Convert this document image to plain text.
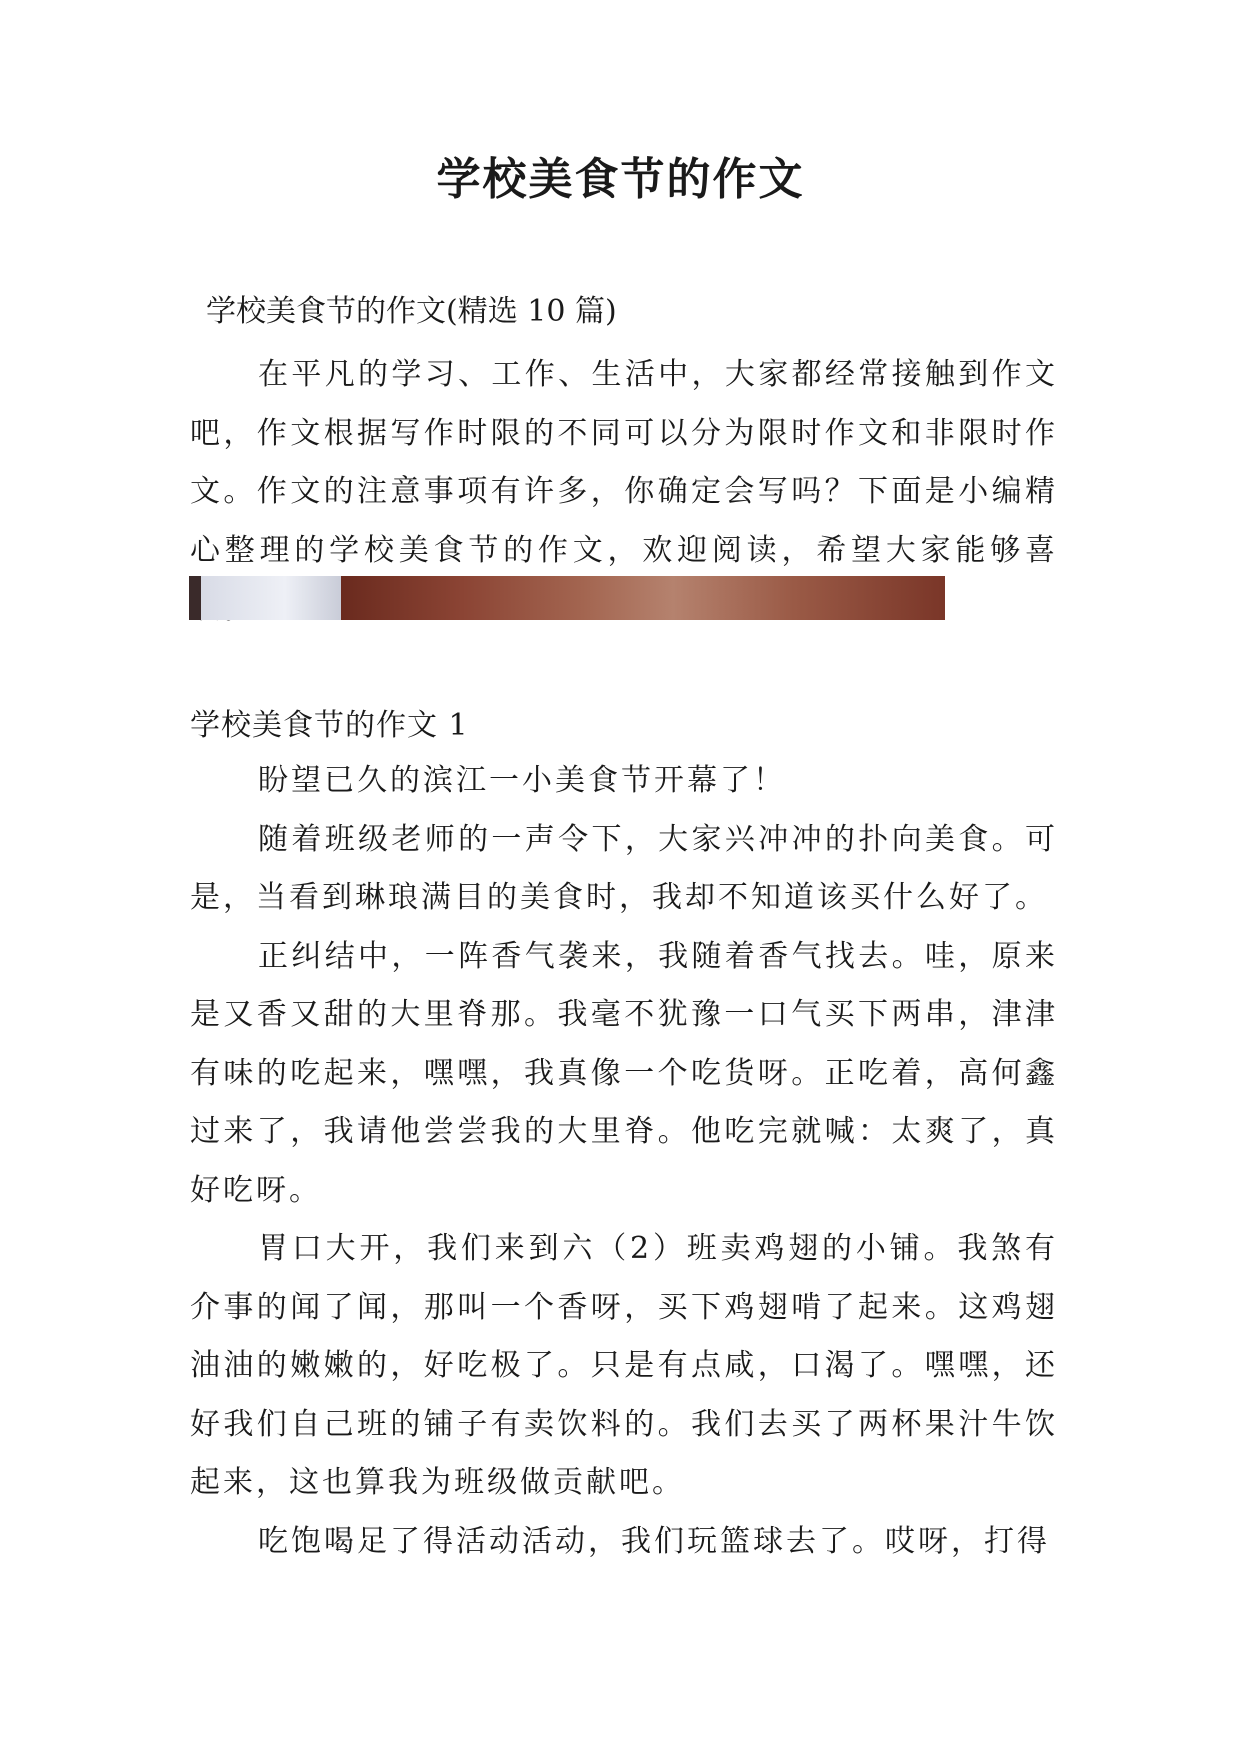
学校美食节的作文

学校美食节的作文(精选 10 篇)

在平凡的学习、工作、生活中，大家都经常接触到作文吧，作文根据写作时限的不同可以分为限时作文和非限时作文。作文的注意事项有许多，你确定会写吗？下面是小编精心整理的学校美食节的作文，欢迎阅读，希望大家能够喜

学校美食节的作文 1

盼望已久的滨江一小美食节开幕了！

随着班级老师的一声令下，大家兴冲冲的扑向美食。可是，当看到琳琅满目的美食时，我却不知道该买什么好了。

正纠结中，一阵香气袭来，我随着香气找去。哇，原来是又香又甜的大里脊那。我毫不犹豫一口气买下两串，津津有味的吃起来，嘿嘿，我真像一个吃货呀。正吃着，高何鑫过来了，我请他尝尝我的大里脊。他吃完就喊：太爽了，真好吃呀。

胃口大开，我们来到六（2）班卖鸡翅的小铺。我煞有介事的闻了闻，那叫一个香呀，买下鸡翅啃了起来。这鸡翅油油的嫩嫩的，好吃极了。只是有点咸，口渴了。嘿嘿，还好我们自己班的铺子有卖饮料的。我们去买了两杯果汁牛饮起来，这也算我为班级做贡献吧。

吃饱喝足了得活动活动，我们玩篮球去了。哎呀，打得
